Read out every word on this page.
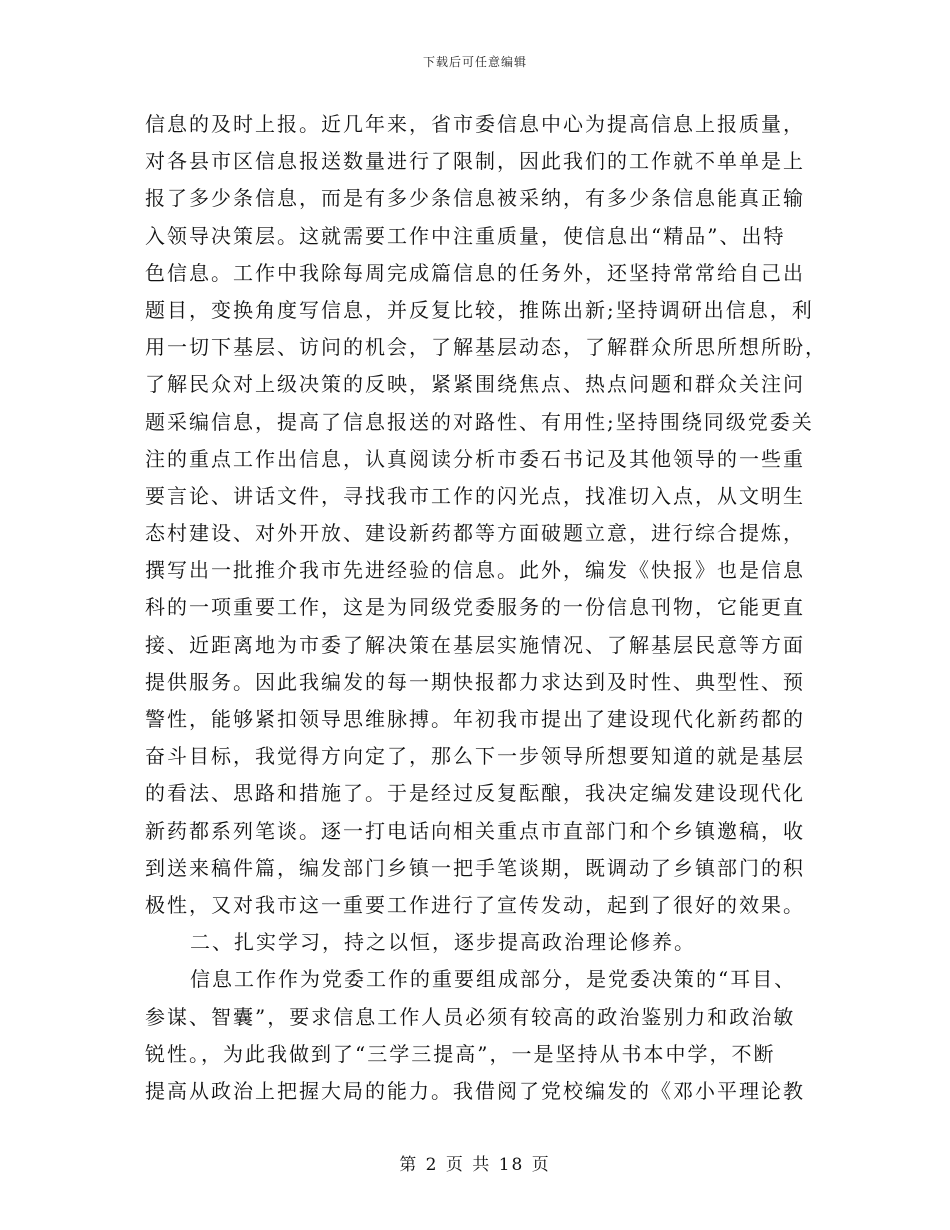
下载后可任意编辑
信息的及时上报。近几年来，省市委信息中心为提高信息上报质量，
对各县市区信息报送数量进行了限制，因此我们的工作就不单单是上
报了多少条信息，而是有多少条信息被采纳，有多少条信息能真正输
入领导决策层。这就需要工作中注重质量，使信息出“精品”、出特
色信息。工作中我除每周完成篇信息的任务外，还坚持常常给自己出
题目，变换角度写信息，并反复比较，推陈出新;坚持调研出信息，利
用一切下基层、访问的机会，了解基层动态，了解群众所思所想所盼，
了解民众对上级决策的反映，紧紧围绕焦点、热点问题和群众关注问
题采编信息，提高了信息报送的对路性、有用性;坚持围绕同级党委关
注的重点工作出信息，认真阅读分析市委石书记及其他领导的一些重
要言论、讲话文件，寻找我市工作的闪光点，找准切入点，从文明生
态村建设、对外开放、建设新药都等方面破题立意，进行综合提炼，
撰写出一批推介我市先进经验的信息。此外，编发《快报》也是信息
科的一项重要工作，这是为同级党委服务的一份信息刊物，它能更直
接、近距离地为市委了解决策在基层实施情况、了解基层民意等方面
提供服务。因此我编发的每一期快报都力求达到及时性、典型性、预
警性，能够紧扣领导思维脉搏。年初我市提出了建设现代化新药都的
奋斗目标，我觉得方向定了，那么下一步领导所想要知道的就是基层
的看法、思路和措施了。于是经过反复酝酿，我决定编发建设现代化
新药都系列笔谈。逐一打电话向相关重点市直部门和个乡镇邀稿，收
到送来稿件篇，编发部门乡镇一把手笔谈期，既调动了乡镇部门的积
极性，又对我市这一重要工作进行了宣传发动，起到了很好的效果。
二、扎实学习，持之以恒，逐步提高政治理论修养。
信息工作作为党委工作的重要组成部分，是党委决策的“耳目、
参谋、智囊”，要求信息工作人员必须有较高的政治鉴别力和政治敏
锐性。，为此我做到了“三学三提高”，一是坚持从书本中学，不断
提高从政治上把握大局的能力。我借阅了党校编发的《邓小平理论教
第 2 页 共 18 页
